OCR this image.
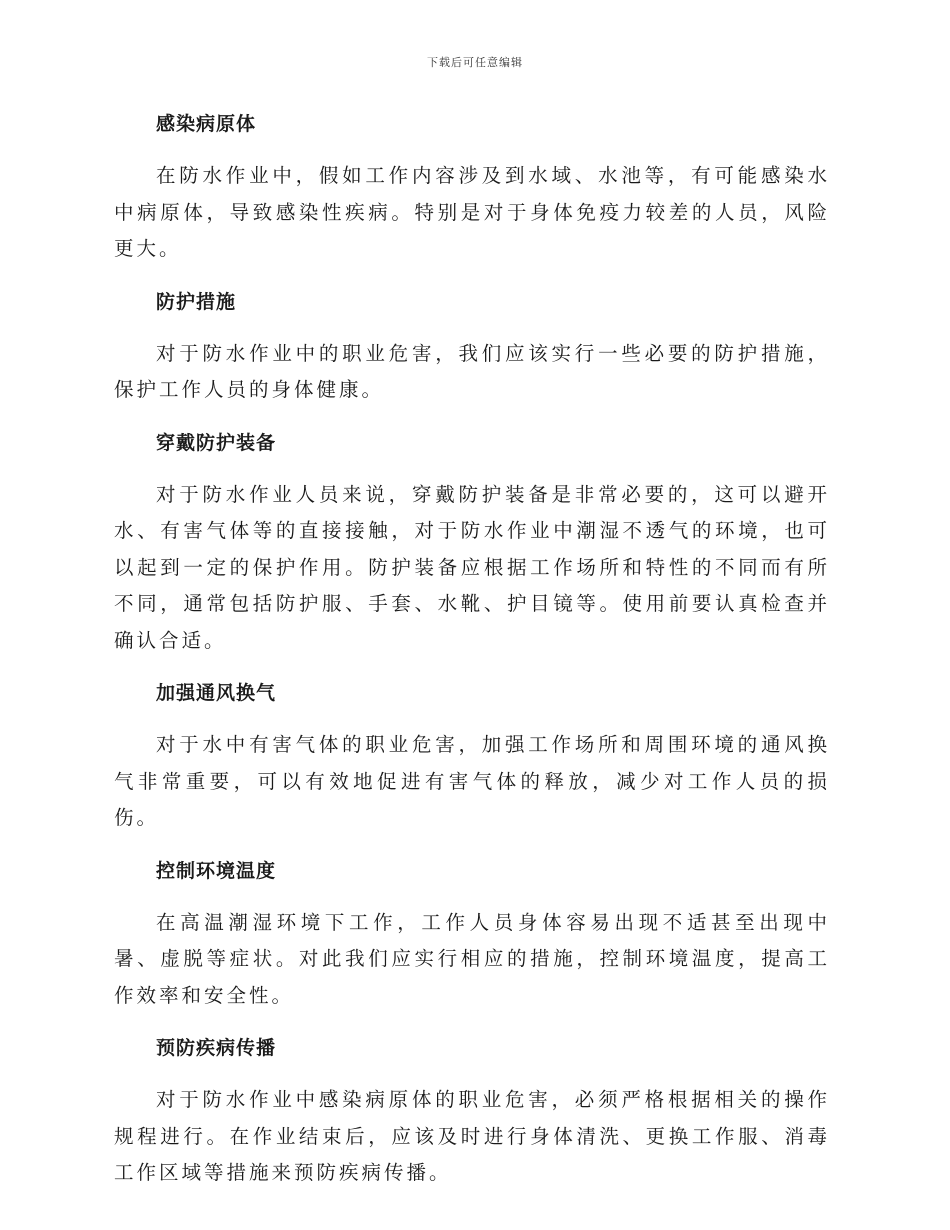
下载后可任意编辑
感染病原体

在防水作业中，假如工作内容涉及到水域、水池等，有可能感染水中病原体，导致感染性疾病。特别是对于身体免疫力较差的人员，风险更大。

防护措施

对于防水作业中的职业危害，我们应该实行一些必要的防护措施，保护工作人员的身体健康。

穿戴防护装备

对于防水作业人员来说，穿戴防护装备是非常必要的，这可以避开水、有害气体等的直接接触，对于防水作业中潮湿不透气的环境，也可以起到一定的保护作用。防护装备应根据工作场所和特性的不同而有所不同，通常包括防护服、手套、水靴、护目镜等。使用前要认真检查并确认合适。

加强通风换气

对于水中有害气体的职业危害，加强工作场所和周围环境的通风换气非常重要，可以有效地促进有害气体的释放，减少对工作人员的损伤。

控制环境温度

在高温潮湿环境下工作，工作人员身体容易出现不适甚至出现中暑、虚脱等症状。对此我们应实行相应的措施，控制环境温度，提高工作效率和安全性。

预防疾病传播

对于防水作业中感染病原体的职业危害，必须严格根据相关的操作规程进行。在作业结束后，应该及时进行身体清洗、更换工作服、消毒工作区域等措施来预防疾病传播。
